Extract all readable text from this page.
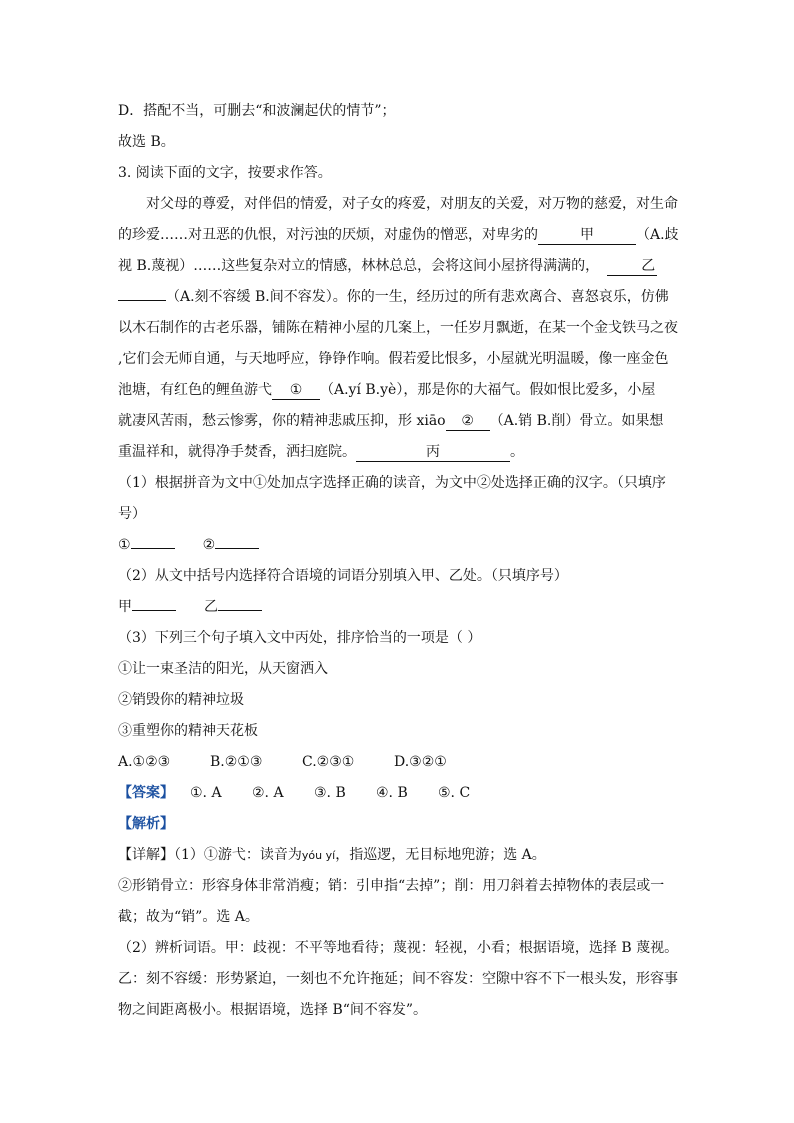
D．搭配不当，可删去“和波澜起伏的情节”；
故选 B。
3. 阅读下面的文字，按要求作答。
对父母的尊爱，对伴侣的情爱，对子女的疼爱，对朋友的关爱，对万物的慈爱，对生命
的珍爱……对丑恶的仇恨，对污浊的厌烦，对虚伪的憎恶，对卑劣的	甲	（A.歧
视 B.蔑视）……这些复杂对立的情感，林林总总，会将这间小屋挤得满满的，	乙
（A.刻不容缓 B.间不容发）。你的一生，经历过的所有悲欢离合、喜怒哀乐，仿佛
以木石制作的古老乐器，铺陈在精神小屋的几案上，一任岁月飘逝，在某一个金戈铁马之夜
,它们会无师自通，与天地呼应，铮铮作响。假若爱比恨多，小屋就光明温暖，像一座金色
池塘，有红色的鲤鱼游弋 ① （A.yí B.yè），那是你的大福气。假如恨比爱多，小屋
就凄风苦雨，愁云惨雾，你的精神悲戚压抑，形 xiāo ② （A.销 B.削）骨立。如果想
重温祥和，就得净手焚香，洒扫庭院。	丙	。
（1）根据拼音为文中①处加点字选择正确的读音，为文中②处选择正确的汉字。（只填序
号）
①	②
（2）从文中括号内选择符合语境的词语分别填入甲、乙处。（只填序号）
甲	乙
（3）下列三个句子填入文中丙处，排序恰当的一项是（ ）
①让一束圣洁的阳光，从天窗洒入
②销毁你的精神垃圾
③重塑你的精神天花板
A.①②③	B.②①③	C.②③①	D.③②①
【答案】 ①. A ②. A ③. B ④. B ⑤. C
【解析】
【详解】（1）①游弋：读音为yóu yí，指巡逻，无目标地兜游；选 A。
②形销骨立：形容身体非常消瘦；销：引申指“去掉”；削：用刀斜着去掉物体的表层或一
截；故为“销”。选 A。
（2）辨析词语。甲：歧视：不平等地看待；蔑视：轻视，小看；根据语境，选择 B 蔑视。
乙：刻不容缓：形势紧迫，一刻也不允许拖延；间不容发：空隙中容不下一根头发，形容事
物之间距离极小。根据语境，选择 B“间不容发”。
